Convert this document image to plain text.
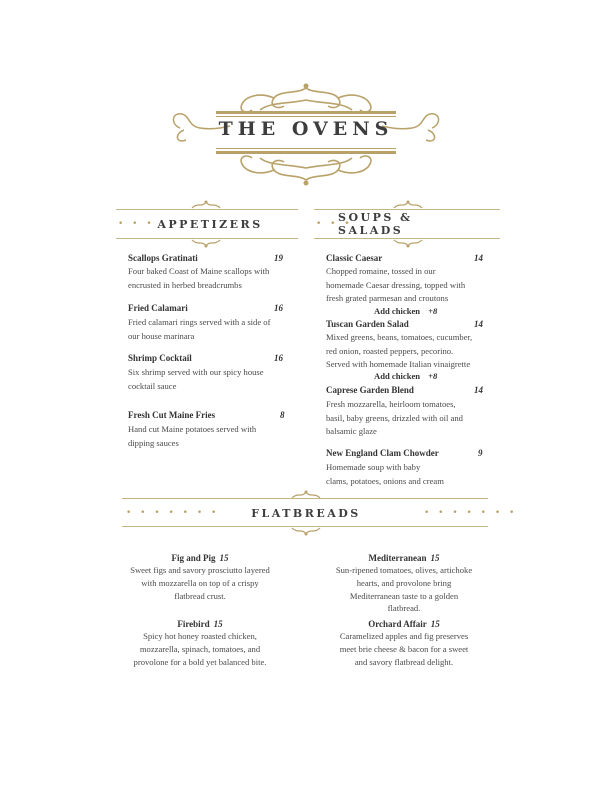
THE OVENS
• • • APPETIZERS	• • •
SOUPS & SALADS
Scallops Gratinati	19
Four baked Coast of Maine scallops with
encrusted in herbed breadcrumbs
Fried Calamari	16
Fried calamari rings served with a side of
our house marinara
Shrimp Cocktail	16
Six shrimp served with our spicy house
cocktail sauce
Fresh Cut Maine Fries	8
Hand cut Maine potatoes served with
dipping sauces
Classic Caesar	14
Chopped romaine, tossed in our
homemade Caesar dressing, topped with
fresh grated parmesan and croutons
Add chicken +8
Tuscan Garden Salad	14
Mixed greens, beans, tomatoes, cucumber,
red onion, roasted peppers, pecorino.
Served with homemade Italian vinaigrette
Add chicken +8
Caprese Garden Blend	14
Fresh mozzarella, heirloom tomatoes,
basil, baby greens, drizzled with oil and
balsamic glaze
New England Clam Chowder	9
Homemade soup with baby
clams, potatoes, onions and cream
• • • • • • •	FLATBREADS	• • • • • • •
Fig and Pig 15
Sweet figs and savory prosciutto layered
with mozzarella on top of a crispy
flatbread crust.
Mediterranean 15
Sun-ripened tomatoes, olives, artichoke
hearts, and provolone bring
Mediterranean taste to a golden
flatbread.
Firebird 15
Spicy hot honey roasted chicken,
mozzarella, spinach, tomatoes, and
provolone for a bold yet balanced bite.
Orchard Affair 15
Caramelized apples and fig preserves
meet brie cheese & bacon for a sweet
and savory flatbread delight.
